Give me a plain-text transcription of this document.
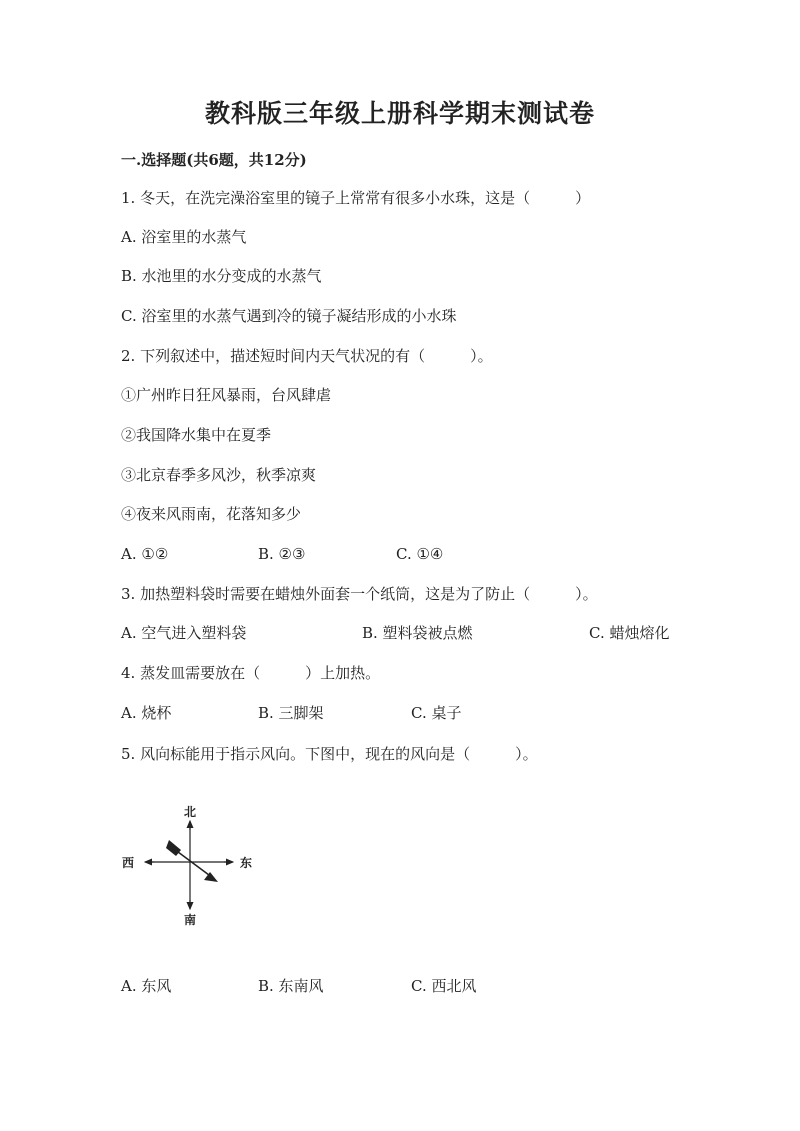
教科版三年级上册科学期末测试卷
一.选择题(共6题，共12分)
1. 冬天，在洗完澡浴室里的镜子上常常有很多小水珠，这是（　　　）
A. 浴室里的水蒸气
B. 水池里的水分变成的水蒸气
C. 浴室里的水蒸气遇到冷的镜子凝结形成的小水珠
2. 下列叙述中，描述短时间内天气状况的有（　　　）。
①广州昨日狂风暴雨，台风肆虐
②我国降水集中在夏季
③北京春季多风沙，秋季凉爽
④夜来风雨南，花落知多少
A. ①②	B. ②③	C. ①④
3. 加热塑料袋时需要在蜡烛外面套一个纸筒，这是为了防止（　　　）。
A. 空气进入塑料袋	B. 塑料袋被点燃	C. 蜡烛熔化
4. 蒸发皿需要放在（　　　）上加热。
A. 烧杯	B. 三脚架	C. 桌子
5. 风向标能用于指示风向。下图中，现在的风向是（　　　）。
北
南
西	东
A. 东风	B. 东南风	C. 西北风
